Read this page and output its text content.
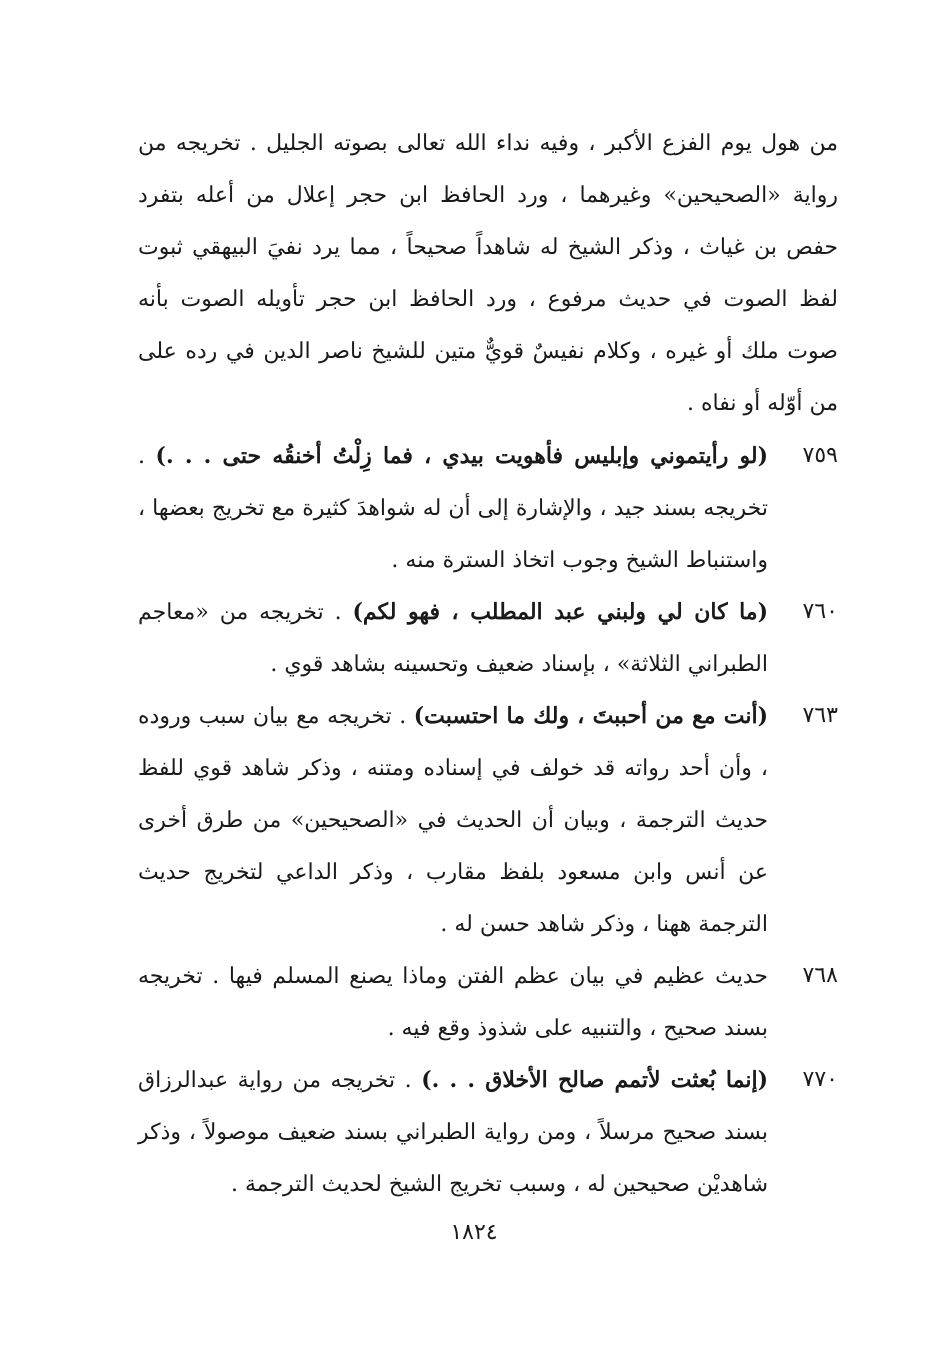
من هول يوم الفزع الأكبر ، وفيه نداء الله تعالى بصوته الجليل . تخريجه من رواية «الصحيحين» وغيرهما ، ورد الحافظ ابن حجر إعلال من أعله بتفرد حفص بن غياث ، وذكر الشيخ له شاهداً صحيحاً ، مما يرد نفيَ البيهقي ثبوت لفظ الصوت في حديث مرفوع ، ورد الحافظ ابن حجر تأويله الصوت بأنه صوت ملك أو غيره ، وكلام نفيسٌ قويٌّ متين للشيخ ناصر الدين في رده على من أوّله أو نفاه .

٧٥٩

(لو رأيتموني وإبليس فأهويت بيدي ، فما زِلْتُ أخنقُه حتى . . .) . تخريجه بسند جيد ، والإشارة إلى أن له شواهدَ كثيرة مع تخريج بعضها ، واستنباط الشيخ وجوب اتخاذ السترة منه .

٧٦٠

(ما كان لي ولبني عبد المطلب ، فهو لكم) . تخريجه من «معاجم الطبراني الثلاثة» ، بإسناد ضعيف وتحسينه بشاهد قوي .

٧٦٣

(أنت مع من أحببتَ ، ولك ما احتسبت) . تخريجه مع بيان سبب وروده ، وأن أحد رواته قد خولف في إسناده ومتنه ، وذكر شاهد قوي للفظ حديث الترجمة ، وبيان أن الحديث في «الصحيحين» من طرق أخرى عن أنس وابن مسعود بلفظ مقارب ، وذكر الداعي لتخريج حديث الترجمة ههنا ، وذكر شاهد حسن له .

٧٦٨

حديث عظيم في بيان عظم الفتن وماذا يصنع المسلم فيها . تخريجه بسند صحيح ، والتنبيه على شذوذ وقع فيه .

٧٧٠

(إنما بُعثت لأتمم صالح الأخلاق . . .) . تخريجه من رواية عبدالرزاق بسند صحيح مرسلاً ، ومن رواية الطبراني بسند ضعيف موصولاً ، وذكر شاهديْن صحيحين له ، وسبب تخريج الشيخ لحديث الترجمة .

١٨٢٤
